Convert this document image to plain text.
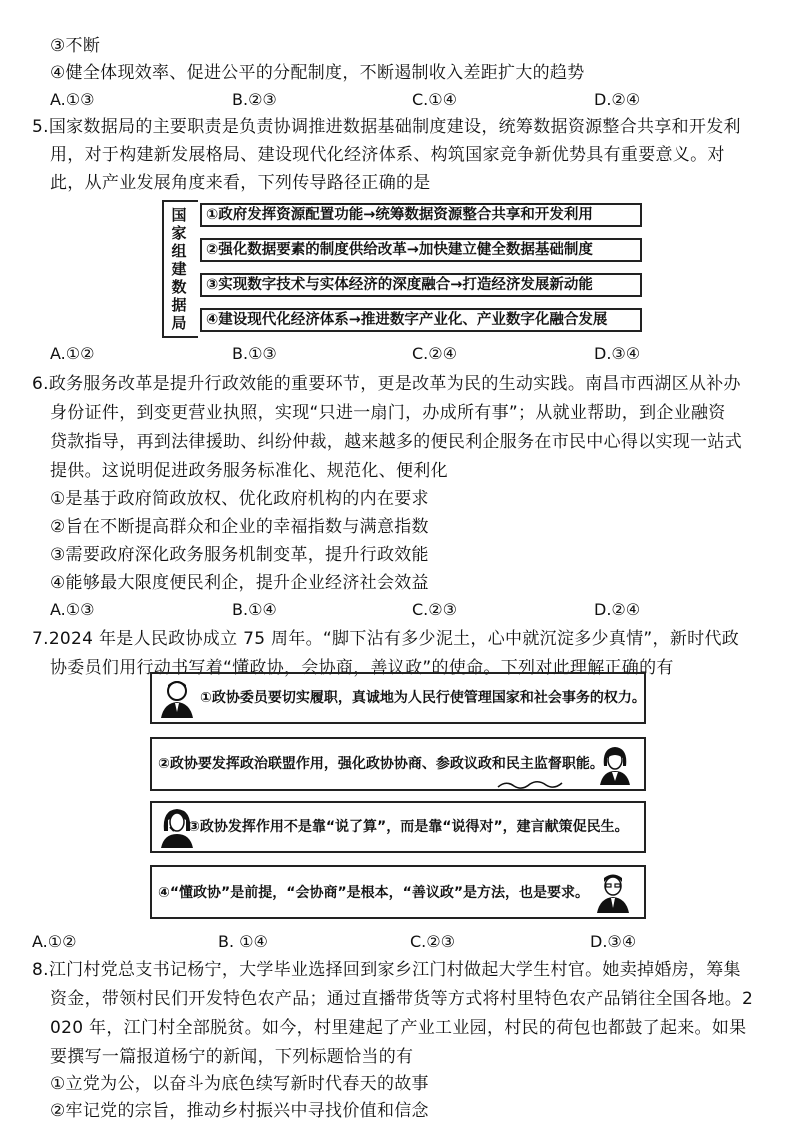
③不断
④健全体现效率、促进公平的分配制度，不断遏制收入差距扩大的趋势
A.①③	B.②③	C.①④	D.②④
5.国家数据局的主要职责是负责协调推进数据基础制度建设，统筹数据资源整合共享和开发利
用，对于构建新发展格局、建设现代化经济体系、构筑国家竞争新优势具有重要意义。对
此，从产业发展角度来看，下列传导路径正确的是
国家组建数据局
①政府发挥资源配置功能→统筹数据资源整合共享和开发利用
②强化数据要素的制度供给改革→加快建立健全数据基础制度
③实现数字技术与实体经济的深度融合→打造经济发展新动能
④建设现代化经济体系→推进数字产业化、产业数字化融合发展
A.①②	B.①③	C.②④	D.③④
6.政务服务改革是提升行政效能的重要环节，更是改革为民的生动实践。南昌市西湖区从补办
身份证件，到变更营业执照，实现“只进一扇门，办成所有事”；从就业帮助，到企业融资
贷款指导，再到法律援助、纠纷仲裁，越来越多的便民利企服务在市民中心得以实现一站式
提供。这说明促进政务服务标准化、规范化、便利化
①是基于政府简政放权、优化政府机构的内在要求
②旨在不断提高群众和企业的幸福指数与满意指数
③需要政府深化政务服务机制变革，提升行政效能
④能够最大限度便民利企，提升企业经济社会效益
A.①③	B.①④	C.②③	D.②④
7.2024 年是人民政协成立 75 周年。“脚下沾有多少泥土，心中就沉淀多少真情”，新时代政
协委员们用行动书写着“懂政协，会协商，善议政”的使命。下列对此理解正确的有
①政协委员要切实履职，真诚地为人民行使管理国家和社会事务的权力。
②政协要发挥政治联盟作用，强化政协协商、参政议政和民主监督职能。
③政协发挥作用不是靠“说了算”，而是靠“说得对”，建言献策促民生。
④“懂政协”是前提，“会协商”是根本，“善议政”是方法，也是要求。
A.①②	B. ①④	C.②③	D.③④
8.江门村党总支书记杨宁，大学毕业选择回到家乡江门村做起大学生村官。她卖掉婚房，筹集
资金，带领村民们开发特色农产品；通过直播带货等方式将村里特色农产品销往全国各地。2
020 年，江门村全部脱贫。如今，村里建起了产业工业园，村民的荷包也都鼓了起来。如果
要撰写一篇报道杨宁的新闻，下列标题恰当的有
①立党为公，以奋斗为底色续写新时代春天的故事
②牢记党的宗旨，推动乡村振兴中寻找价值和信念
